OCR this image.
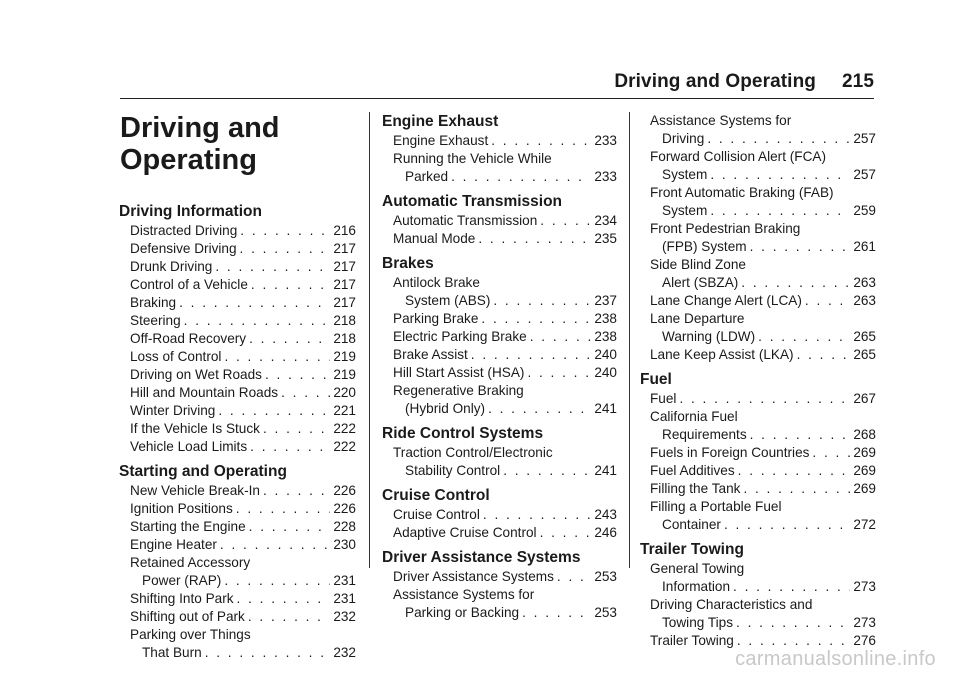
Driving and Operating 215
Driving and
Operating
Driving Information
Distracted Driving . . .	216
Defensive Driving . . .	217
Drunk Driving . . .	217
Control of a Vehicle . . .	217
Braking . . .	217
Steering . . .	218
Off-Road Recovery . . .	218
Loss of Control . . .	219
Driving on Wet Roads . . .	219
Hill and Mountain Roads . . .	220
Winter Driving . . .	221
If the Vehicle Is Stuck . . .	222
Vehicle Load Limits . . .	222
Starting and Operating
New Vehicle Break-In . . .	226
Ignition Positions . . .	226
Starting the Engine . . .	228
Engine Heater . . .	230
Retained Accessory
Power (RAP) . . .	231
Shifting Into Park . . .	231
Shifting out of Park . . .	232
Parking over Things
That Burn . . .	232
Engine Exhaust
Engine Exhaust . . .	233
Running the Vehicle While
Parked . . .	233
Automatic Transmission
Automatic Transmission . . .	234
Manual Mode . . .	235
Brakes
Antilock Brake
System (ABS) . . .	237
Parking Brake . . .	238
Electric Parking Brake . . .	238
Brake Assist . . .	240
Hill Start Assist (HSA) . . .	240
Regenerative Braking
(Hybrid Only) . . .	241
Ride Control Systems
Traction Control/Electronic
Stability Control . . .	241
Cruise Control
Cruise Control . . .	243
Adaptive Cruise Control . . .	246
Driver Assistance Systems
Driver Assistance Systems . . .	253
Assistance Systems for
Parking or Backing . . .	253
Assistance Systems for
Driving . . .	257
Forward Collision Alert (FCA)
System . . .	257
Front Automatic Braking (FAB)
System . . .	259
Front Pedestrian Braking
(FPB) System . . .	261
Side Blind Zone
Alert (SBZA) . . .	263
Lane Change Alert (LCA) . . .	263
Lane Departure
Warning (LDW) . . .	265
Lane Keep Assist (LKA) . . .	265
Fuel
Fuel . . .	267
California Fuel
Requirements . . .	268
Fuels in Foreign Countries . . .	269
Fuel Additives . . .	269
Filling the Tank . . .	269
Filling a Portable Fuel
Container . . .	272
Trailer Towing
General Towing
Information . . .	273
Driving Characteristics and
Towing Tips . . .	273
Trailer Towing . . .	276
carmanualsonline.info
